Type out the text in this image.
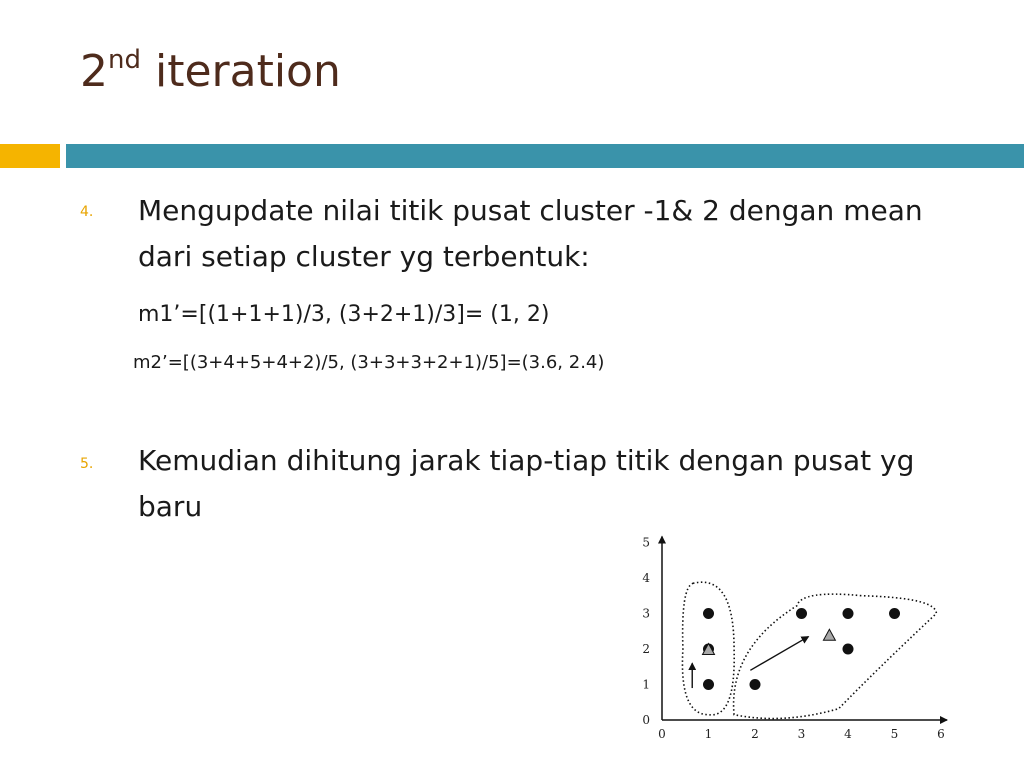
2nd iteration
4. Mengupdate nilai titik pusat cluster -1& 2 dengan mean dari setiap cluster yg terbentuk:
m1’=[(1+1+1)/3, (3+2+1)/3]= (1, 2)
m2’=[(3+4+5+4+2)/5, (3+3+3+2+1)/5]=(3.6, 2.4)
5. Kemudian dihitung jarak tiap-tiap titik dengan pusat yg baru
0	1	2	3	4	5	6
0
1
2
3
4
5
